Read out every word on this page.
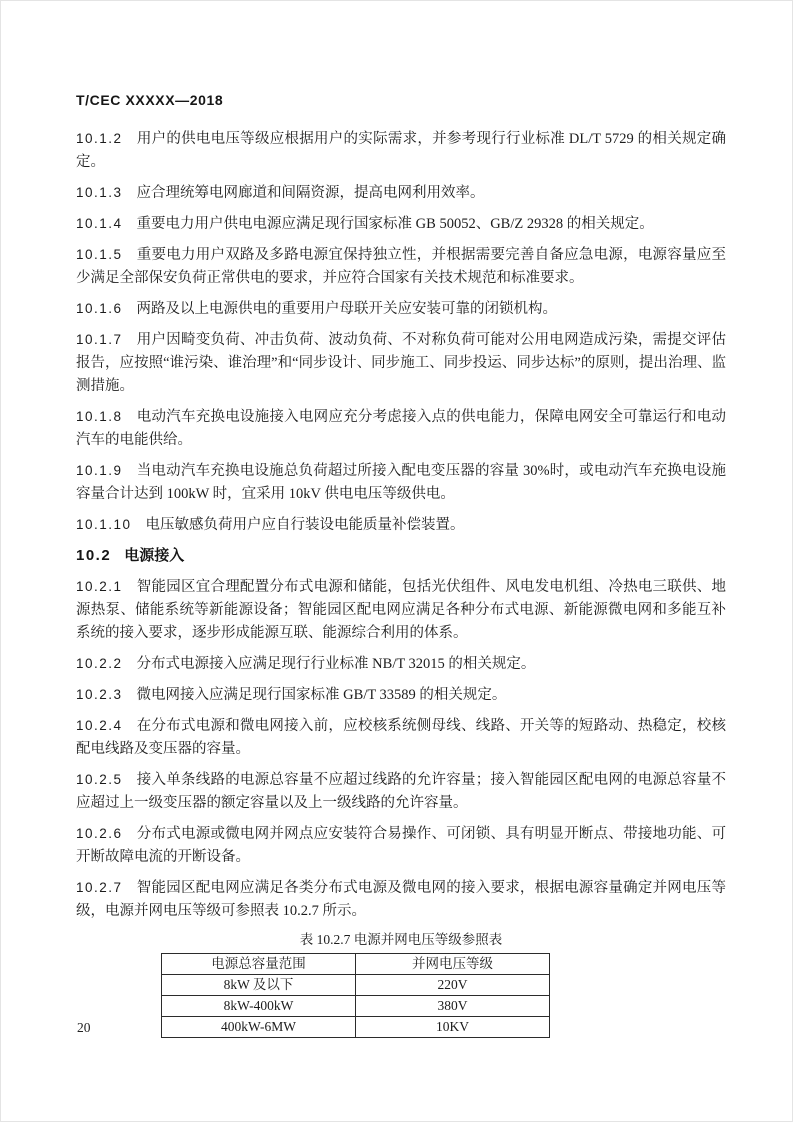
T/CEC XXXXX—2018

10.1.2 用户的供电电压等级应根据用户的实际需求，并参考现行行业标准 DL/T 5729 的相关规定确定。

10.1.3 应合理统筹电网廊道和间隔资源，提高电网利用效率。

10.1.4 重要电力用户供电电源应满足现行国家标准 GB 50052、GB/Z 29328 的相关规定。

10.1.5 重要电力用户双路及多路电源宜保持独立性，并根据需要完善自备应急电源，电源容量应至少满足全部保安负荷正常供电的要求，并应符合国家有关技术规范和标准要求。

10.1.6 两路及以上电源供电的重要用户母联开关应安装可靠的闭锁机构。

10.1.7 用户因畸变负荷、冲击负荷、波动负荷、不对称负荷可能对公用电网造成污染，需提交评估报告，应按照“谁污染、谁治理”和“同步设计、同步施工、同步投运、同步达标”的原则，提出治理、监测措施。

10.1.8 电动汽车充换电设施接入电网应充分考虑接入点的供电能力，保障电网安全可靠运行和电动汽车的电能供给。

10.1.9 当电动汽车充换电设施总负荷超过所接入配电变压器的容量 30%时，或电动汽车充换电设施容量合计达到 100kW 时，宜采用 10kV 供电电压等级供电。

10.1.10 电压敏感负荷用户应自行装设电能质量补偿装置。

10.2 电源接入

10.2.1 智能园区宜合理配置分布式电源和储能，包括光伏组件、风电发电机组、冷热电三联供、地源热泵、储能系统等新能源设备；智能园区配电网应满足各种分布式电源、新能源微电网和多能互补系统的接入要求，逐步形成能源互联、能源综合利用的体系。

10.2.2 分布式电源接入应满足现行行业标准 NB/T 32015 的相关规定。

10.2.3 微电网接入应满足现行国家标准 GB/T 33589 的相关规定。

10.2.4 在分布式电源和微电网接入前，应校核系统侧母线、线路、开关等的短路动、热稳定，校核配电线路及变压器的容量。

10.2.5 接入单条线路的电源总容量不应超过线路的允许容量；接入智能园区配电网的电源总容量不应超过上一级变压器的额定容量以及上一级线路的允许容量。

10.2.6 分布式电源或微电网并网点应安装符合易操作、可闭锁、具有明显开断点、带接地功能、可开断故障电流的开断设备。

10.2.7 智能园区配电网应满足各类分布式电源及微电网的接入要求，根据电源容量确定并网电压等级，电源并网电压等级可参照表 10.2.7 所示。

表 10.2.7 电源并网电压等级参照表
电源总容量范围	并网电压等级
8kW 及以下	220V
8kW-400kW	380V
400kW-6MW	10KV
20
